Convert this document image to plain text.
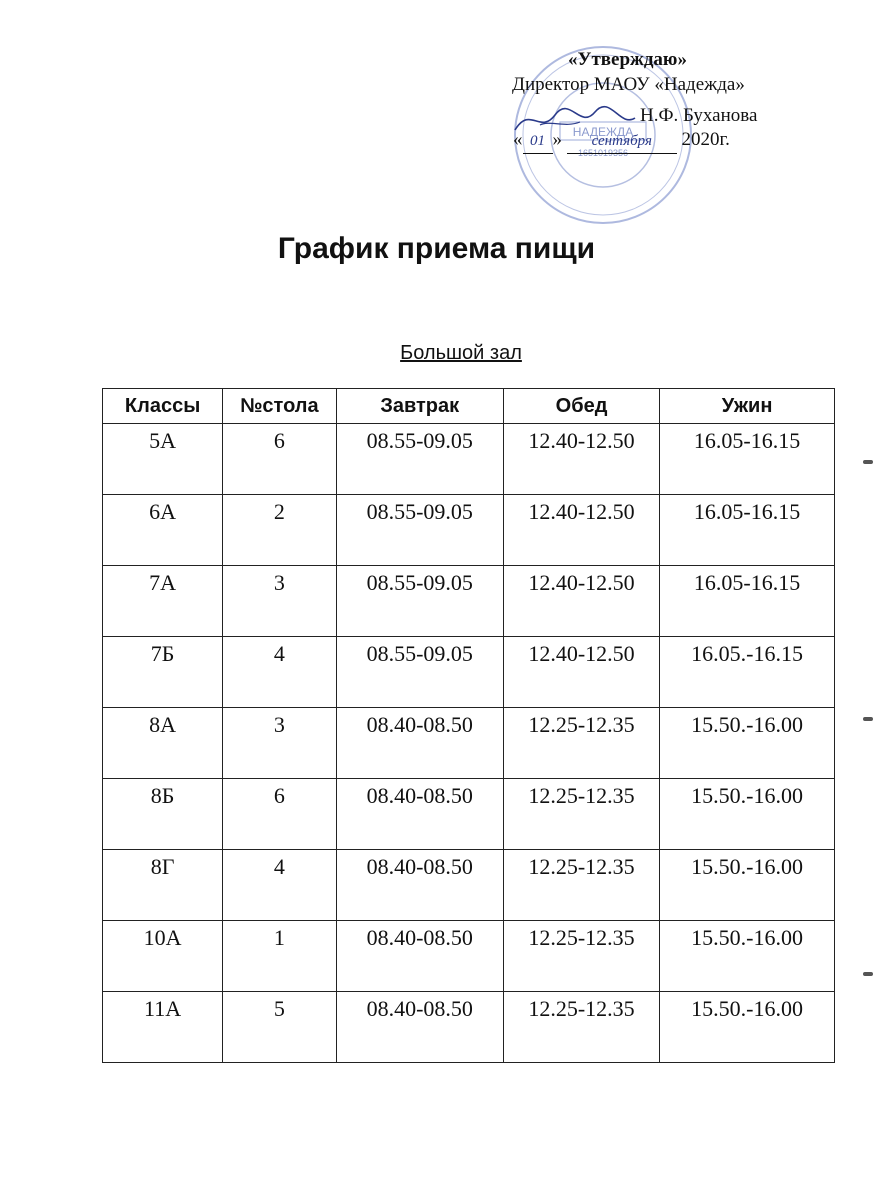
НАДЕЖДА
1651019356
«Утверждаю»
Директор МАОУ «Надежда»
Н.Ф. Буханова
« 01 » сентября 2020г.
График приема пищи
Большой зал
Классы	№стола	Завтрак	Обед	Ужин
5А	6	08.55-09.05	12.40-12.50	16.05-16.15
6А	2	08.55-09.05	12.40-12.50	16.05-16.15
7А	3	08.55-09.05	12.40-12.50	16.05-16.15
7Б	4	08.55-09.05	12.40-12.50	16.05.-16.15
8А	3	08.40-08.50	12.25-12.35	15.50.-16.00
8Б	6	08.40-08.50	12.25-12.35	15.50.-16.00
8Г	4	08.40-08.50	12.25-12.35	15.50.-16.00
10А	1	08.40-08.50	12.25-12.35	15.50.-16.00
11А	5	08.40-08.50	12.25-12.35	15.50.-16.00
